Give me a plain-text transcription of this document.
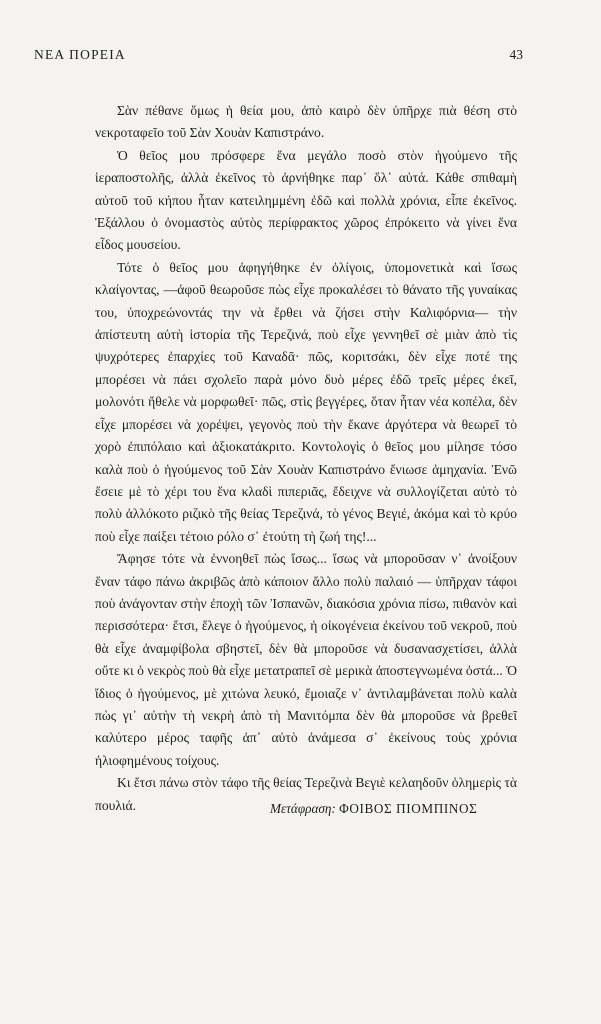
ΝΕΑ ΠΟΡΕΙΑ	43

Σὰν πέθανε ὅμως ἡ θεία μου, ἀπὸ καιρὸ δὲν ὑπῆρχε πιὰ θέση στὸ νεκροταφεῖο τοῦ Σὰν Χουὰν Καπιστράνο.

Ὁ θεῖος μου πρόσφερε ἕνα μεγάλο ποσὸ στὸν ἡγούμενο τῆς ἱεραποστολῆς, ἀλλὰ ἐκεῖνος τὸ ἀρνήθηκε παρ᾽ ὅλ᾽ αὐτά. Κάθε σπιθαμὴ αὐτοῦ τοῦ κήπου ἦταν κατειλημμένη ἐδῶ καὶ πολλὰ χρόνια, εἶπε ἐκεῖνος. Ἐξάλλου ὁ ὀνομαστὸς αὐτὸς περίφρακτος χῶρος ἐπρόκειτο νὰ γίνει ἕνα εἶδος μουσείου.

Τότε ὁ θεῖος μου ἀφηγήθηκε ἐν ὀλίγοις, ὑπομονετικὰ καὶ ἴσως κλαίγοντας, —ἀφοῦ θεωροῦσε πὼς εἶχε προκαλέσει τὸ θάνατο τῆς γυναίκας του, ὑποχρεώνοντάς την νὰ ἔρθει νὰ ζήσει στὴν Καλιφόρνια— τὴν ἀπίστευτη αὐτὴ ἱστορία τῆς Τερεζινά, ποὺ εἶχε γεννηθεῖ σὲ μιὰν ἀπὸ τὶς ψυχρότερες ἐπαρχίες τοῦ Καναδᾶ· πῶς, κοριτσάκι, δὲν εἶχε ποτέ της μπορέσει νὰ πάει σχολεῖο παρὰ μόνο δυὸ μέρες ἐδῶ τρεῖς μέρες ἐκεῖ, μολονότι ἤθελε νὰ μορφωθεῖ· πῶς, στὶς βεγγέρες, ὅταν ἦταν νέα κοπέλα, δὲν εἶχε μπορέσει νὰ χορέψει, γεγονὸς ποὺ τὴν ἔκανε ἀργότερα νὰ θεωρεῖ τὸ χορὸ ἐπιπόλαιο καὶ ἀξιοκατάκριτο. Κοντολογὶς ὁ θεῖος μου μίλησε τόσο καλὰ ποὺ ὁ ἡγούμενος τοῦ Σὰν Χουὰν Καπιστράνο ἔνιωσε ἀμηχανία. Ἐνῶ ἔσειε μὲ τὸ χέρι του ἕνα κλαδὶ πιπεριᾶς, ἔδειχνε νὰ συλλογίζεται αὐτὸ τὸ πολὺ ἀλλόκοτο ριζικὸ τῆς θείας Τερεζινά, τὸ γένος Βεγιέ, ἀκόμα καὶ τὸ κρύο ποὺ εἶχε παίξει τέτοιο ρόλο σ᾽ ἐτούτη τὴ ζωή της!...

Ἄφησε τότε νὰ ἐννοηθεῖ πὼς ἴσως... ἴσως νὰ μποροῦσαν ν᾽ ἀνοίξουν ἕναν τάφο πάνω ἀκριβῶς ἀπὸ κάποιον ἄλλο πολὺ παλαιό — ὑπῆρχαν τάφοι ποὺ ἀνάγονταν στὴν ἐποχὴ τῶν Ἰσπανῶν, διακόσια χρόνια πίσω, πιθανὸν καὶ περισσότερα· ἔτσι, ἔλεγε ὁ ἡγούμενος, ἡ οἰκογένεια ἐκείνου τοῦ νεκροῦ, ποὺ θὰ εἶχε ἀναμφίβολα σβηστεῖ, δὲν θὰ μποροῦσε νὰ δυσανασχετίσει, ἀλλὰ οὔτε κι ὁ νεκρὸς ποὺ θὰ εἶχε μετατραπεῖ σὲ μερικὰ ἀποστεγνωμένα ὀστά... Ὁ ἴδιος ὁ ἡγούμενος, μὲ χιτώνα λευκό, ἔμοιαζε ν᾽ ἀντιλαμβάνεται πολὺ καλὰ πὼς γι᾽ αὐτὴν τὴ νεκρὴ ἀπὸ τὴ Μανιτόμπα δὲν θὰ μποροῦσε νὰ βρεθεῖ καλύτερο μέρος ταφῆς ἀπ᾽ αὐτὸ ἀνάμεσα σ᾽ ἐκείνους τοὺς χρόνια ἡλιοφημένους τοίχους.

Κι ἔτσι πάνω στὸν τάφο τῆς θείας Τερεζινὰ Βεγιὲ κελαηδοῦν ὁλημερὶς τὰ πουλιά.	Μετάφραση: ΦΟΙΒΟΣ ΠΙΟΜΠΙΝΟΣ
